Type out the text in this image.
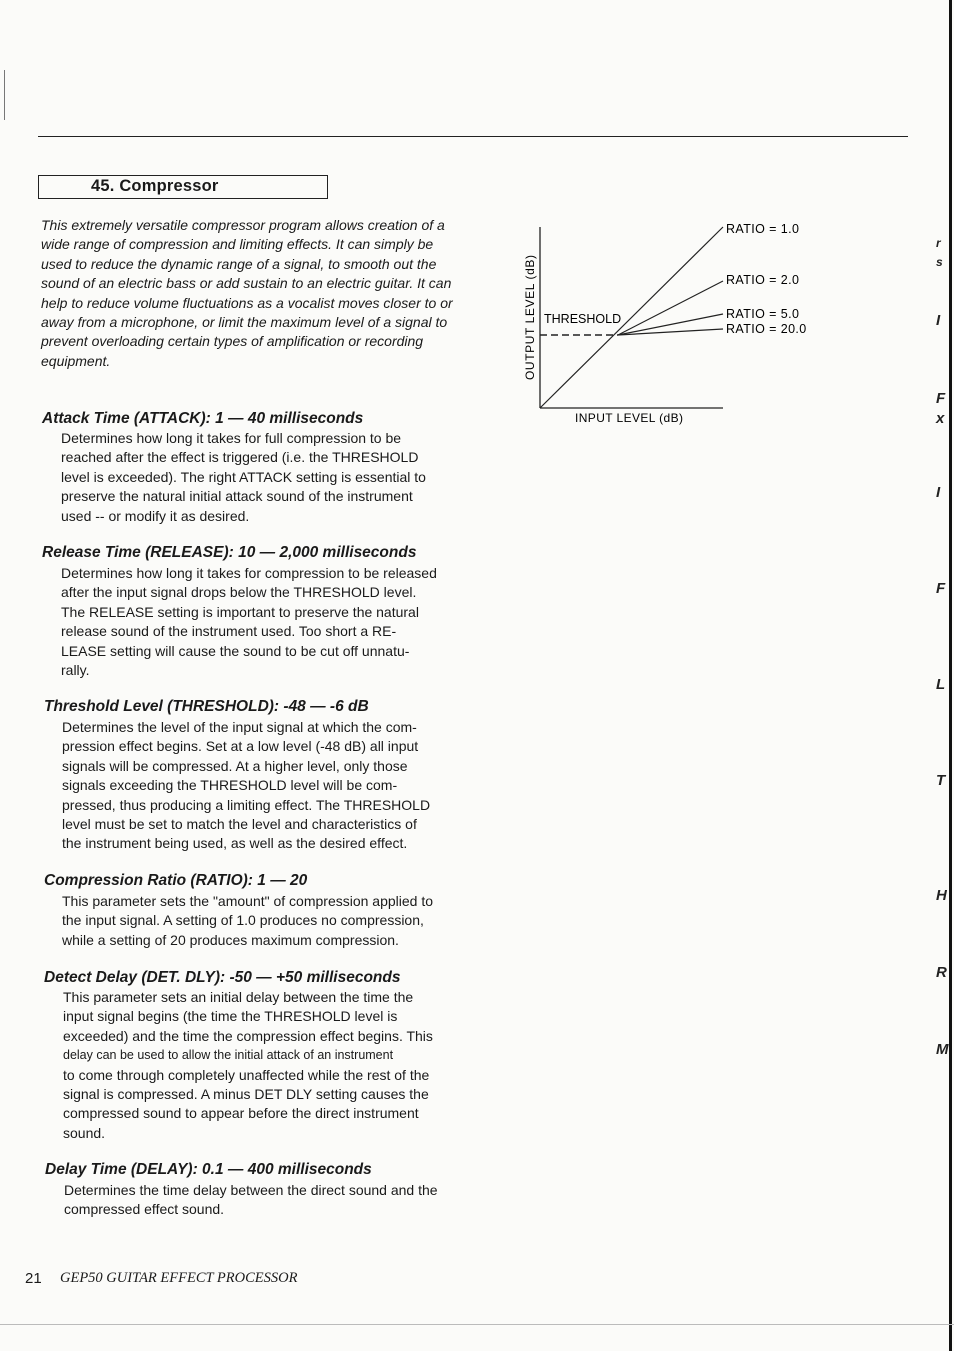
45. Compressor
This extremely versatile compressor program allows creation of a wide range of compression and limiting effects. It can simply be used to reduce the dynamic range of a signal, to smooth out the sound of an electric bass or add sustain to an electric guitar. It can help to reduce volume fluctuations as a vocalist moves closer to or away from a microphone, or limit the maximum level of a signal to prevent overloading certain types of amplification or recording equipment.	OUTPUT LEVEL (dB)
INPUT LEVEL (dB)
THRESHOLD
RATIO = 1.0
RATIO = 2.0
RATIO = 5.0
RATIO = 20.0
Attack Time (ATTACK): 1 — 40 milliseconds
Determines how long it takes for full compression to be
reached after the effect is triggered (i.e. the THRESHOLD
level is exceeded). The right ATTACK setting is essential to
preserve the natural initial attack sound of the instrument
used -- or modify it as desired.
Release Time (RELEASE): 10 — 2,000 milliseconds
Determines how long it takes for compression to be released
after the input signal drops below the THRESHOLD level.
The RELEASE setting is important to preserve the natural
release sound of the instrument used. Too short a RE-
LEASE setting will cause the sound to be cut off unnatu-
rally.
Threshold Level (THRESHOLD): -48 — -6 dB
Determines the level of the input signal at which the com-
pression effect begins. Set at a low level (-48 dB) all input
signals will be compressed. At a higher level, only those
signals exceeding the THRESHOLD level will be com-
pressed, thus producing a limiting effect. The THRESHOLD
level must be set to match the level and characteristics of
the instrument being used, as well as the desired effect.
Compression Ratio (RATIO): 1 — 20
This parameter sets the "amount" of compression applied to
the input signal. A setting of 1.0 produces no compression,
while a setting of 20 produces maximum compression.
Detect Delay (DET. DLY): -50 — +50 milliseconds
This parameter sets an initial delay between the time the
input signal begins (the time the THRESHOLD level is
exceeded) and the time the compression effect begins. This
delay can be used to allow the initial attack of an instrument
to come through completely unaffected while the rest of the
signal is compressed. A minus DET DLY setting causes the
compressed sound to appear before the direct instrument
sound.
Delay Time (DELAY): 0.1 — 400 milliseconds
Determines the time delay between the direct sound and the
compressed effect sound.
21 GEP50 GUITAR EFFECT PROCESSOR
r
s
I
F
x
I
F
L
T
H
R
M
